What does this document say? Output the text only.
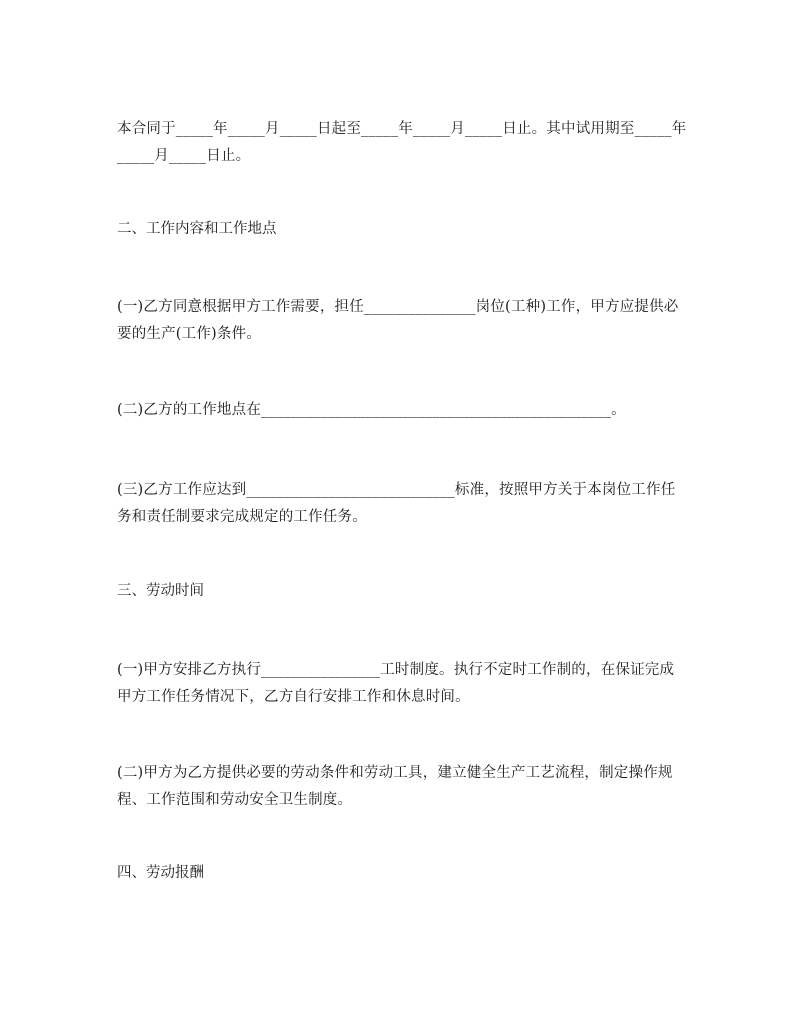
本合同于_____年_____月_____日起至_____年_____月_____日止。其中试用期至_____年_____月_____日止。
二、工作内容和工作地点
(一)乙方同意根据甲方工作需要，担任_______________岗位(工种)工作，甲方应提供必要的生产(工作)条件。
(二)乙方的工作地点在_______________________________________________。
(三)乙方工作应达到____________________________标准，按照甲方关于本岗位工作任务和责任制要求完成规定的工作任务。
三、劳动时间
(一)甲方安排乙方执行________________工时制度。执行不定时工作制的，在保证完成甲方工作任务情况下，乙方自行安排工作和休息时间。
(二)甲方为乙方提供必要的劳动条件和劳动工具，建立健全生产工艺流程，制定操作规程、工作范围和劳动安全卫生制度。
四、劳动报酬
